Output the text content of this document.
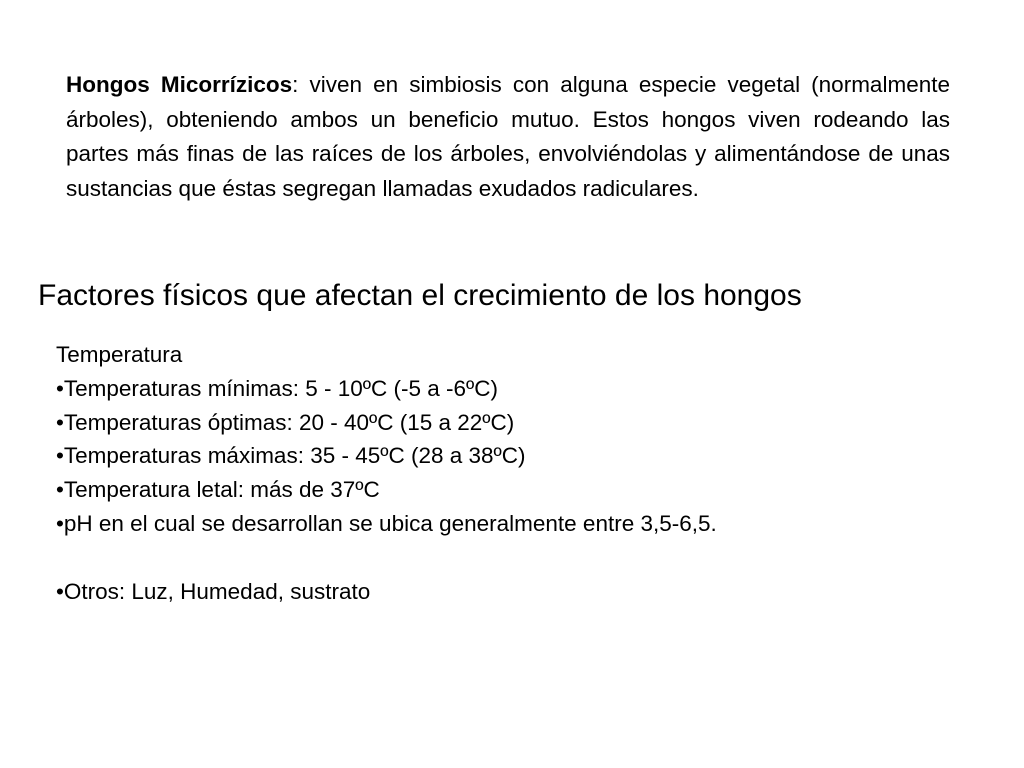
Hongos Micorrízicos: viven en simbiosis con alguna especie vegetal (normalmente árboles), obteniendo ambos un beneficio mutuo. Estos hongos viven rodeando las partes más finas de las raíces de los árboles, envolviéndolas y alimentándose de unas sustancias que éstas segregan llamadas exudados radiculares.

Factores físicos que afectan el crecimiento de los hongos
Temperatura
•Temperaturas mínimas: 5 - 10ºC (-5 a -6ºC)
•Temperaturas óptimas: 20 - 40ºC (15 a 22ºC)
•Temperaturas máximas: 35 - 45ºC (28 a 38ºC)
•Temperatura letal: más de 37ºC
•pH en el cual se desarrollan se ubica generalmente entre 3,5-6,5.
•Otros: Luz, Humedad, sustrato
